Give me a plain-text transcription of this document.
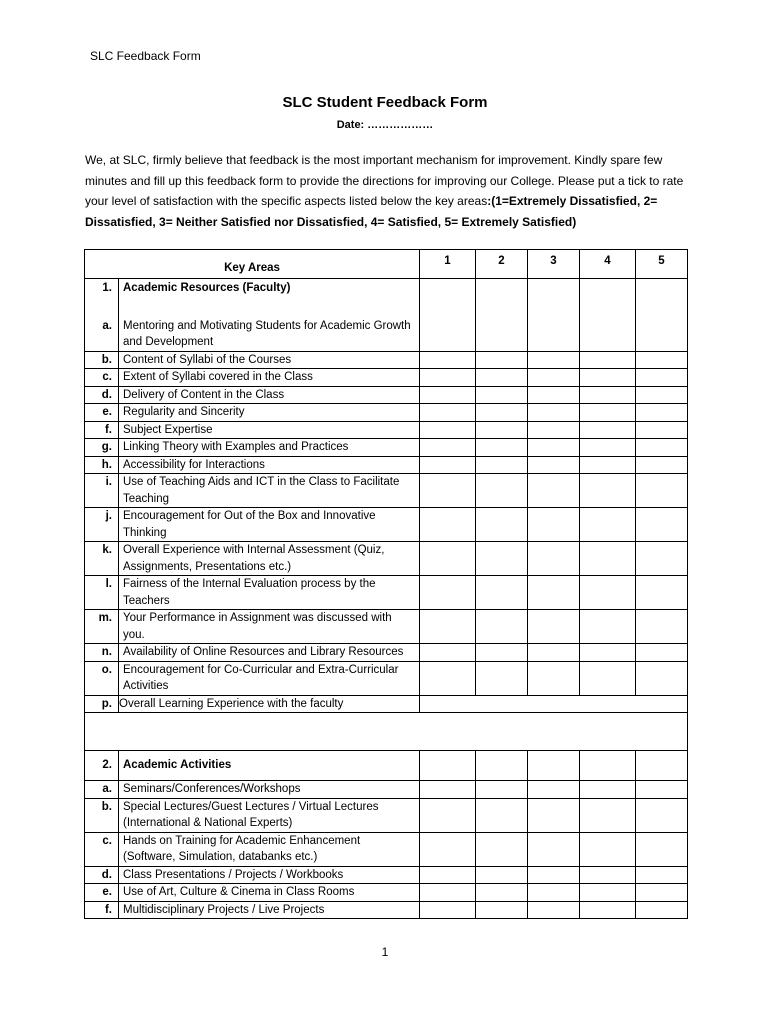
SLC Feedback Form
SLC Student Feedback Form
Date: ………………
We, at SLC, firmly believe that feedback is the most important mechanism for improvement. Kindly spare few minutes and fill up this feedback form to provide the directions for improving our College. Please put a tick to rate your level of satisfaction with the specific aspects listed below the key areas:(1=Extremely Dissatisfied, 2= Dissatisfied, 3= Neither Satisfied nor Dissatisfied, 4= Satisfied, 5= Extremely Satisfied)
Key Areas		1	2	3	4	5
1.	Academic Resources (Faculty)					
a.	Mentoring and Motivating Students for Academic Growth and Development					
b.	Content of Syllabi of the Courses					
c.	Extent of Syllabi covered in the Class					
d.	Delivery of Content in the Class					
e.	Regularity and Sincerity					
f.	Subject Expertise					
g.	Linking Theory with Examples and Practices					
h.	Accessibility for Interactions					
i.	Use of Teaching Aids and ICT in the Class to Facilitate Teaching					
j.	Encouragement for Out of the Box and Innovative Thinking					
k.	Overall Experience with Internal Assessment (Quiz, Assignments, Presentations etc.)					
l.	Fairness of the Internal Evaluation process by the Teachers					
m.	Your Performance in Assignment was discussed with you.					
n.	Availability of Online Resources and Library Resources					
o.	Encouragement for Co-Curricular and Extra-Curricular Activities					
p.	Overall Learning Experience with the faculty					

2.	Academic Activities					
a.	Seminars/Conferences/Workshops					
b.	Special Lectures/Guest Lectures / Virtual Lectures (International & National Experts)					
c.	Hands on Training for Academic Enhancement (Software, Simulation, databanks etc.)					
d.	Class Presentations / Projects / Workbooks					
e.	Use of Art, Culture & Cinema in Class Rooms					
f.	Multidisciplinary Projects / Live Projects					
1
